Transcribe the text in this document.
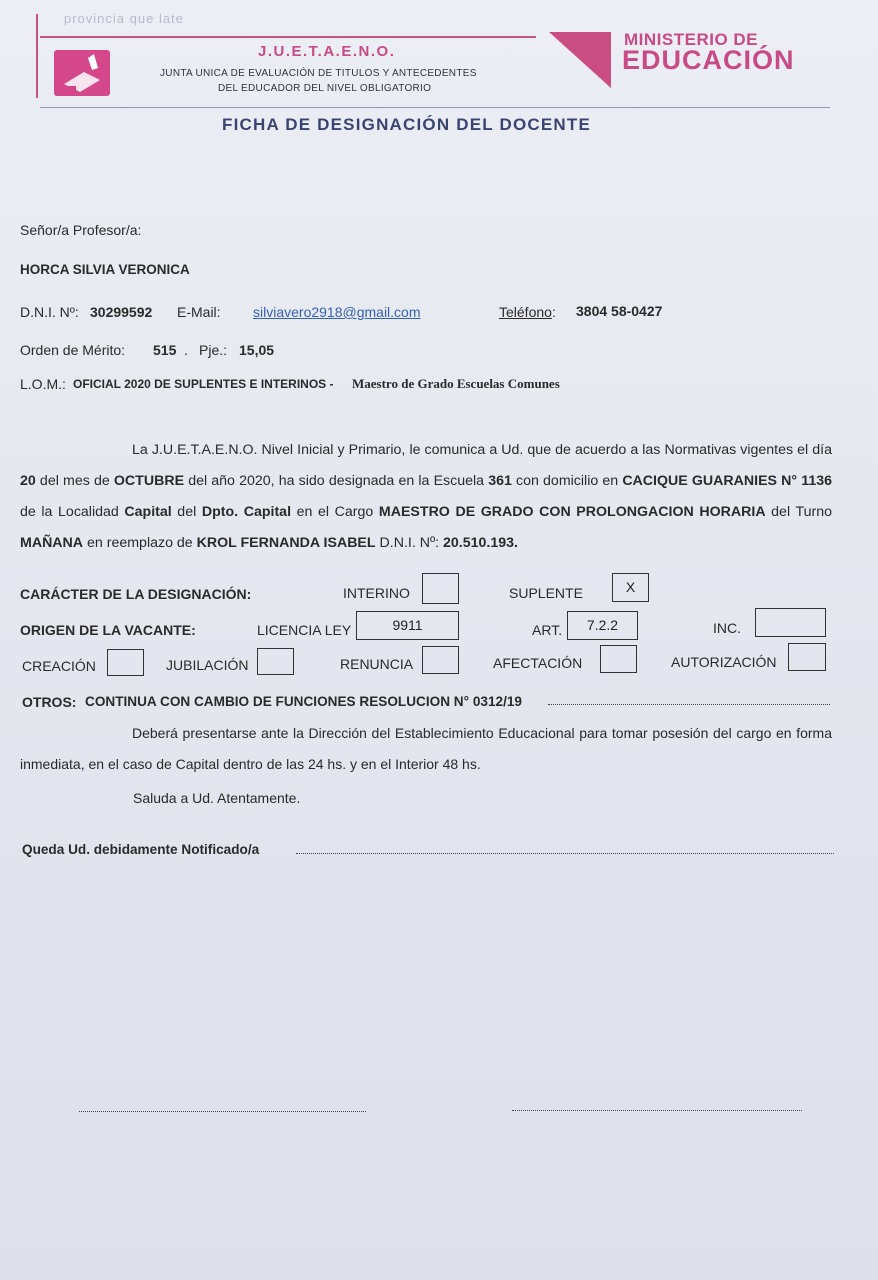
provincia que late
J.U.E.T.A.E.N.O.
JUNTA UNICA DE EVALUACIÓN DE TITULOS Y ANTECEDENTES
DEL EDUCADOR DEL NIVEL OBLIGATORIO
MINISTERIO DE
EDUCACIÓN
FICHA DE DESIGNACIÓN DEL DOCENTE
Señor/a Profesor/a:
HORCA SILVIA VERONICA
D.N.I. Nº: 30299592 E-Mail: silviavero2918@gmail.com	Teléfono: 3804 58-0427
Orden de Mérito: 515 . Pje.: 15,05
L.O.M.: OFICIAL 2020 DE SUPLENTES E INTERINOS - Maestro de Grado Escuelas Comunes
La J.U.E.T.A.E.N.O. Nivel Inicial y Primario, le comunica a Ud. que de acuerdo a las Normativas vigentes el día 20 del mes de OCTUBRE del año 2020, ha sido designada en la Escuela 361 con domicilio en CACIQUE GUARANIES N° 1136 de la Localidad Capital del Dpto. Capital en el Cargo MAESTRO DE GRADO CON PROLONGACION HORARIA del Turno MAÑANA en reemplazo de KROL FERNANDA ISABEL D.N.I. Nº: 20.510.193.
CARÁCTER DE LA DESIGNACIÓN:	INTERINO	SUPLENTE	X
ORIGEN DE LA VACANTE:	LICENCIA LEY	9911	ART.	7.2.2	INC.
CREACIÓN	JUBILACIÓN	RENUNCIA	AFECTACIÓN	AUTORIZACIÓN
OTROS: CONTINUA CON CAMBIO DE FUNCIONES RESOLUCION N° 0312/19
Deberá presentarse ante la Dirección del Establecimiento Educacional para tomar posesión del cargo en forma inmediata, en el caso de Capital dentro de las 24 hs. y en el Interior 48 hs.
Saluda a Ud. Atentamente.
Queda Ud. debidamente Notificado/a
